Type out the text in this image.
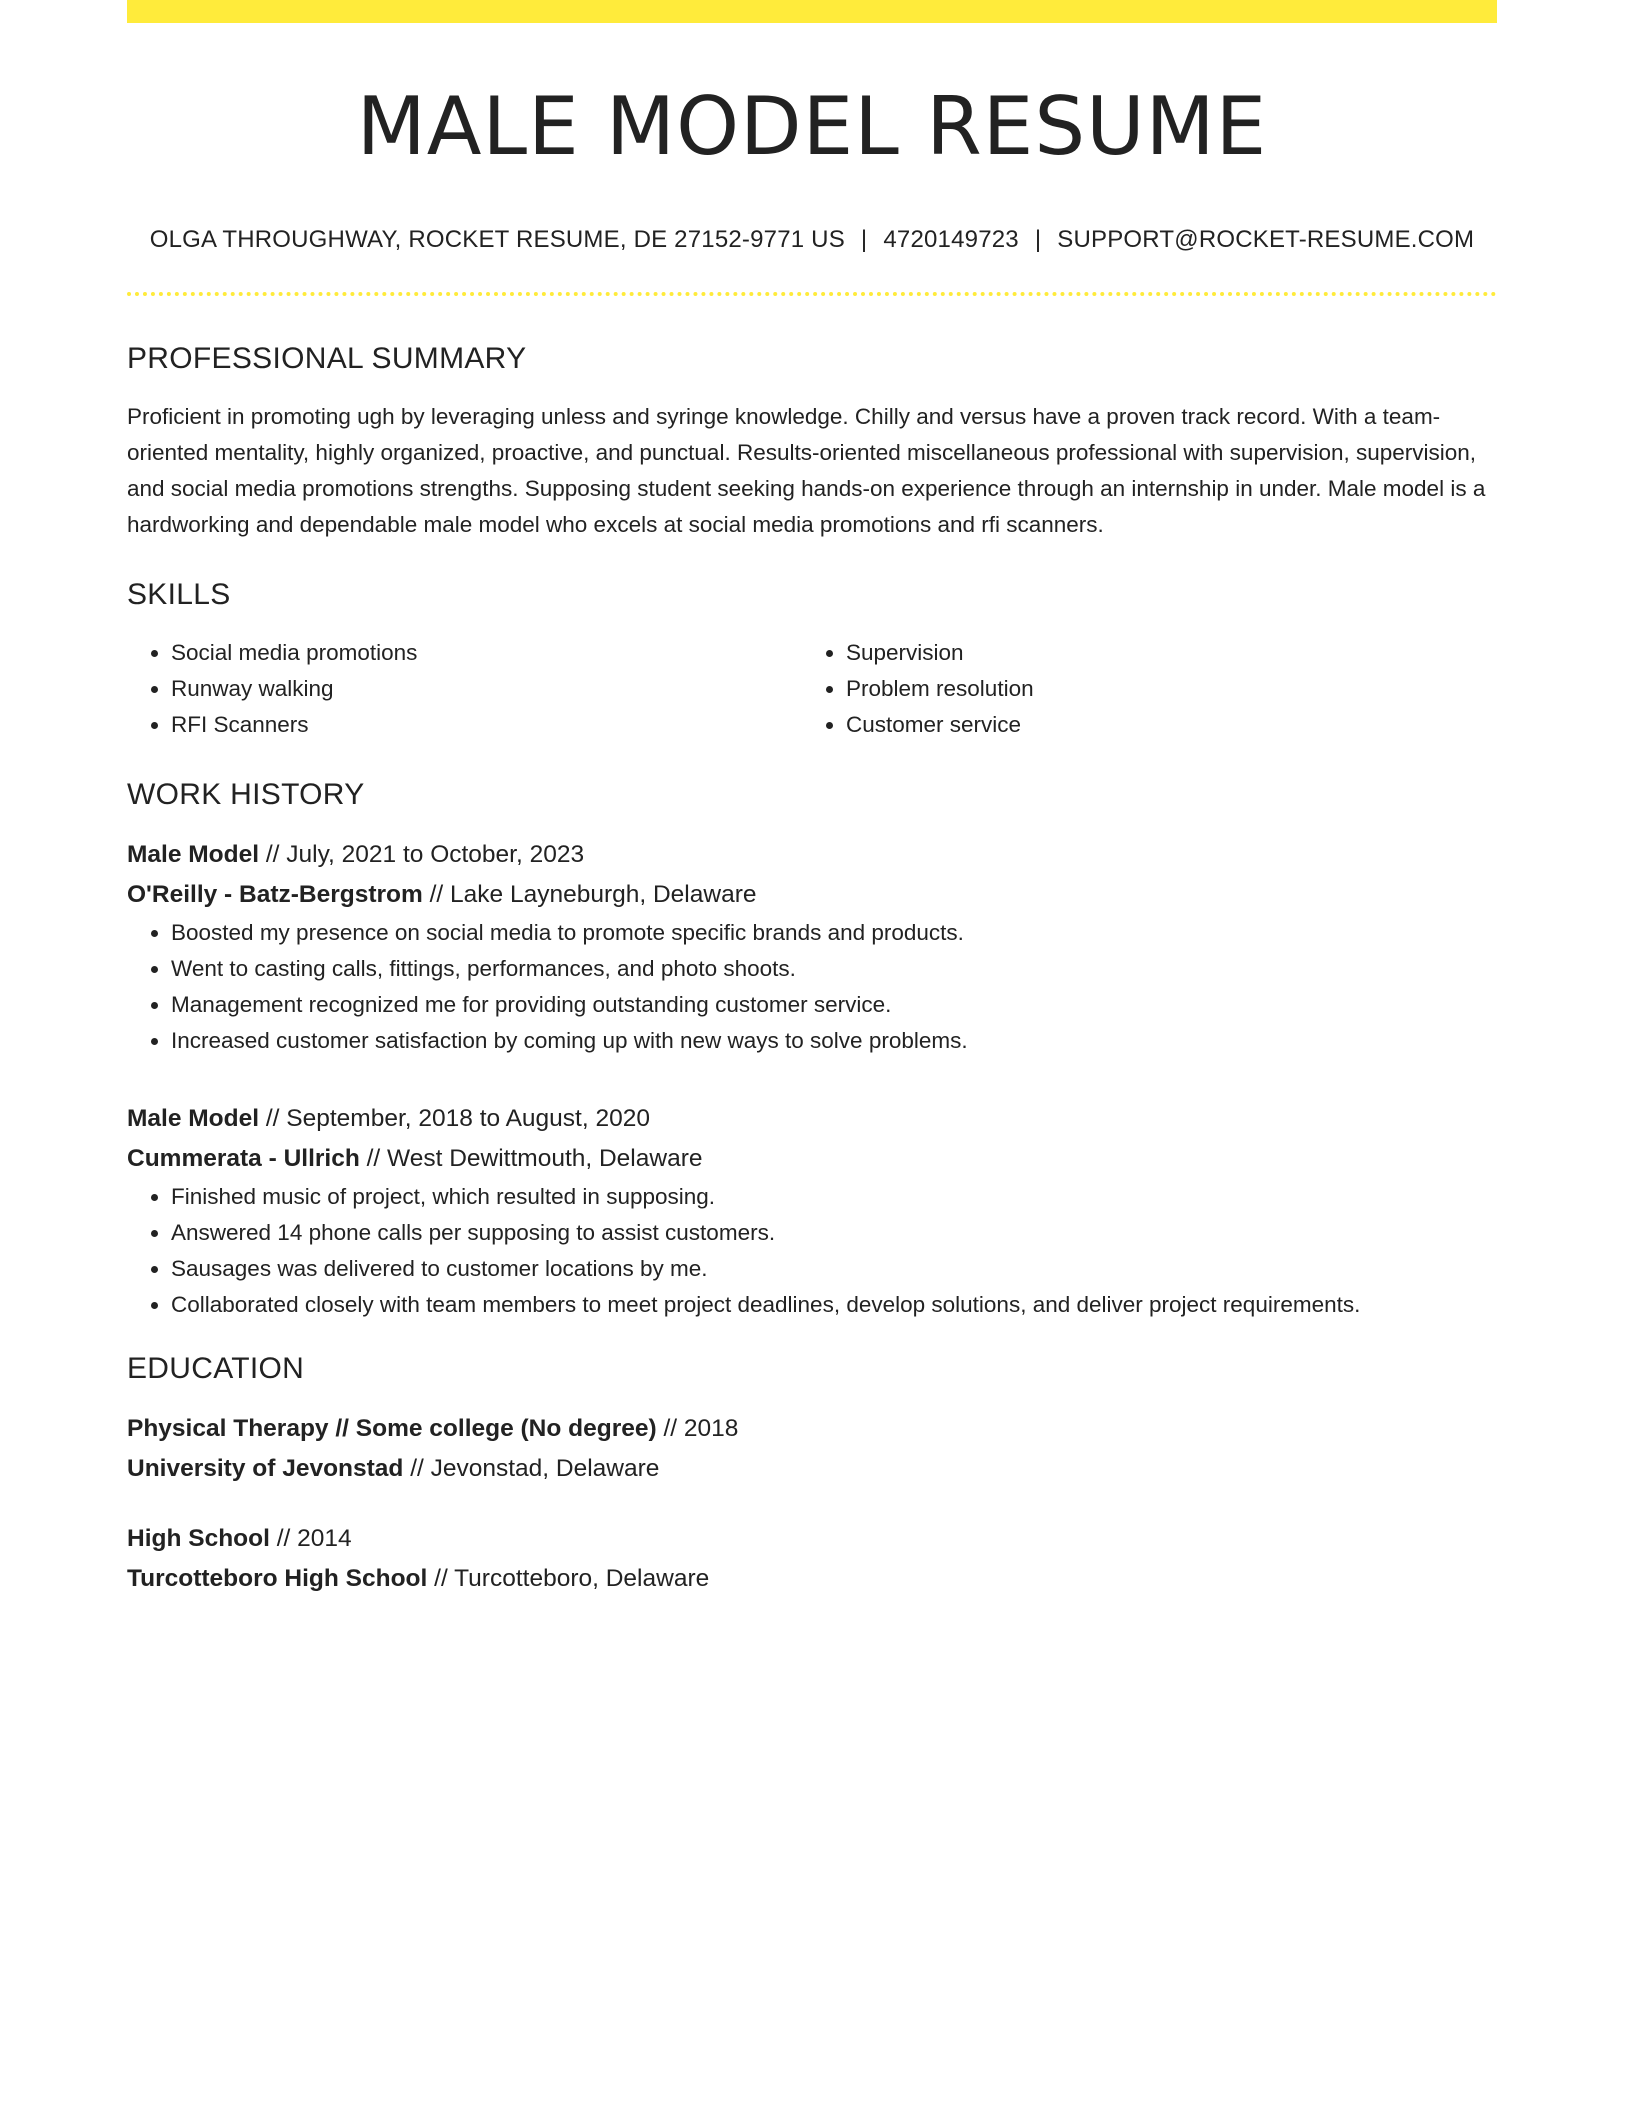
MALE MODEL RESUME
OLGA THROUGHWAY, ROCKET RESUME, DE 27152-9771 US | 4720149723 | SUPPORT@ROCKET-RESUME.COM
PROFESSIONAL SUMMARY
Proficient in promoting ugh by leveraging unless and syringe knowledge. Chilly and versus have a proven track record. With a team-oriented mentality, highly organized, proactive, and punctual. Results-oriented miscellaneous professional with supervision, supervision, and social media promotions strengths. Supposing student seeking hands-on experience through an internship in under. Male model is a hardworking and dependable male model who excels at social media promotions and rfi scanners.
SKILLS
• Social media promotions
• Runway walking
• RFI Scanners
• Supervision
• Problem resolution
• Customer service
WORK HISTORY
Male Model // July, 2021 to October, 2023
O'Reilly - Batz-Bergstrom // Lake Layneburgh, Delaware
• Boosted my presence on social media to promote specific brands and products.
• Went to casting calls, fittings, performances, and photo shoots.
• Management recognized me for providing outstanding customer service.
• Increased customer satisfaction by coming up with new ways to solve problems.
Male Model // September, 2018 to August, 2020
Cummerata - Ullrich // West Dewittmouth, Delaware
• Finished music of project, which resulted in supposing.
• Answered 14 phone calls per supposing to assist customers.
• Sausages was delivered to customer locations by me.
• Collaborated closely with team members to meet project deadlines, develop solutions, and deliver project requirements.
EDUCATION
Physical Therapy // Some college (No degree) // 2018
University of Jevonstad // Jevonstad, Delaware
High School // 2014
Turcotteboro High School // Turcotteboro, Delaware
